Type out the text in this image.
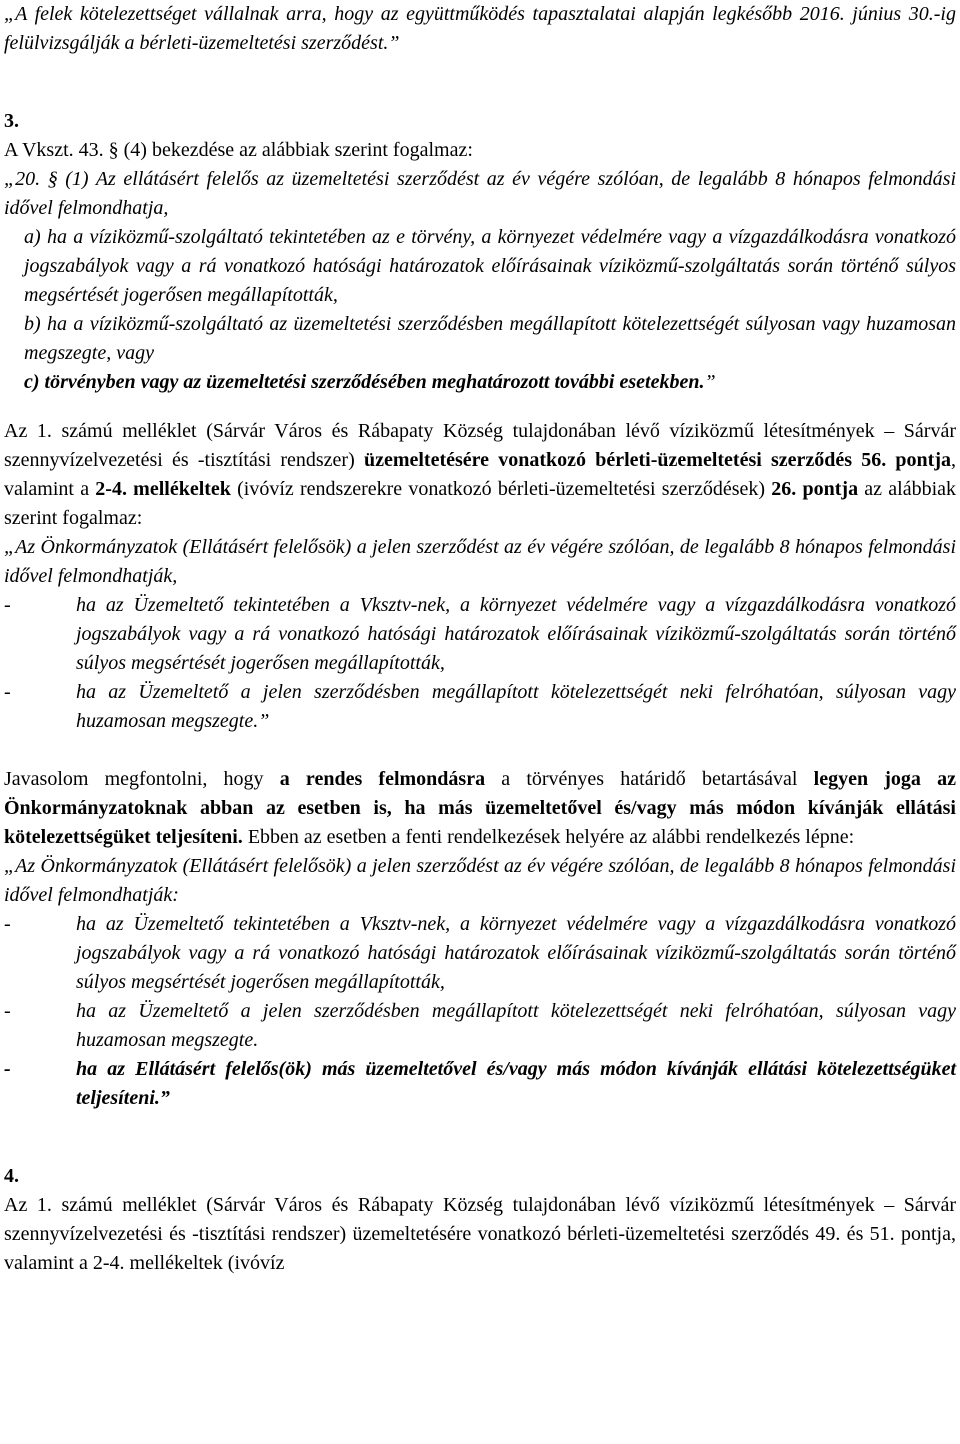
„A felek kötelezettséget vállalnak arra, hogy az együttműködés tapasztalatai alapján legkésőbb 2016. június 30.-ig felülvizsgálják a bérleti-üzemeltetési szerződést.”

3.

A Vkszt. 43. § (4) bekezdése az alábbiak szerint fogalmaz:

„20. § (1) Az ellátásért felelős az üzemeltetési szerződést az év végére szólóan, de legalább 8 hónapos felmondási idővel felmondhatja,

a) ha a víziközmű-szolgáltató tekintetében az e törvény, a környezet védelmére vagy a vízgazdálkodásra vonatkozó jogszabályok vagy a rá vonatkozó hatósági határozatok előírásainak víziközmű-szolgáltatás során történő súlyos megsértését jogerősen megállapították,

b) ha a víziközmű-szolgáltató az üzemeltetési szerződésben megállapított kötelezettségét súlyosan vagy huzamosan megszegte, vagy

c) törvényben vagy az üzemeltetési szerződésében meghatározott további esetekben.”

Az 1. számú melléklet (Sárvár Város és Rábapaty Község tulajdonában lévő víziközmű létesítmények – Sárvár szennyvízelvezetési és -tisztítási rendszer) üzemeltetésére vonatkozó bérleti-üzemeltetési szerződés 56. pontja, valamint a 2-4. mellékeltek (ivóvíz rendszerekre vonatkozó bérleti-üzemeltetési szerződések) 26. pontja az alábbiak szerint fogalmaz:

„Az Önkormányzatok (Ellátásért felelősök) a jelen szerződést az év végére szólóan, de legalább 8 hónapos felmondási idővel felmondhatják,

-	ha az Üzemeltető tekintetében a Vksztv-nek, a környezet védelmére vagy a vízgazdálkodásra vonatkozó jogszabályok vagy a rá vonatkozó hatósági határozatok előírásainak víziközmű-szolgáltatás során történő súlyos megsértését jogerősen megállapították,
-	ha az Üzemeltető a jelen szerződésben megállapított kötelezettségét neki felróhatóan, súlyosan vagy huzamosan megszegte.”

Javasolom megfontolni, hogy a rendes felmondásra a törvényes határidő betartásával legyen joga az Önkormányzatoknak abban az esetben is, ha más üzemeltetővel és/vagy más módon kívánják ellátási kötelezettségüket teljesíteni. Ebben az esetben a fenti rendelkezések helyére az alábbi rendelkezés lépne:

„Az Önkormányzatok (Ellátásért felelősök) a jelen szerződést az év végére szólóan, de legalább 8 hónapos felmondási idővel felmondhatják:

-	ha az Üzemeltető tekintetében a Vksztv-nek, a környezet védelmére vagy a vízgazdálkodásra vonatkozó jogszabályok vagy a rá vonatkozó hatósági határozatok előírásainak víziközmű-szolgáltatás során történő súlyos megsértését jogerősen megállapították,
-	ha az Üzemeltető a jelen szerződésben megállapított kötelezettségét neki felróhatóan, súlyosan vagy huzamosan megszegte.
-	ha az Ellátásért felelős(ök) más üzemeltetővel és/vagy más módon kívánják ellátási kötelezettségüket teljesíteni.”

4.

Az 1. számú melléklet (Sárvár Város és Rábapaty Község tulajdonában lévő víziközmű létesítmények – Sárvár szennyvízelvezetési és -tisztítási rendszer) üzemeltetésére vonatkozó bérleti-üzemeltetési szerződés 49. és 51. pontja, valamint a 2-4. mellékeltek (ivóvíz
